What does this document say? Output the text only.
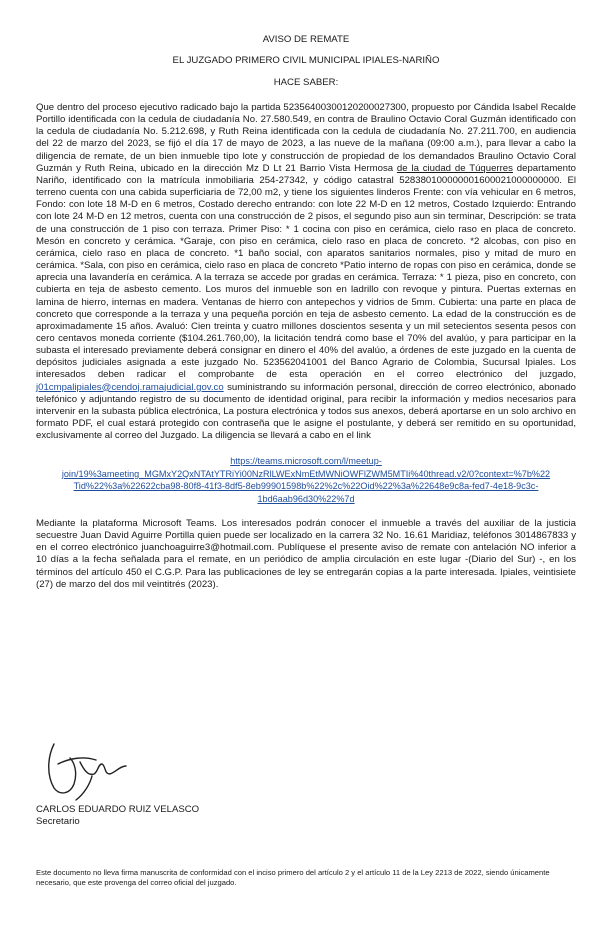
AVISO DE REMATE

EL JUZGADO PRIMERO CIVIL MUNICIPAL IPIALES-NARIÑO

HACE SABER:

Que dentro del proceso ejecutivo radicado bajo la partida 52356400300120200027300, propuesto por Cándida Isabel Recalde Portillo identificada con la cedula de ciudadanía No. 27.580.549, en contra de Braulino Octavio Coral Guzmán identificado con la cedula de ciudadanía No. 5.212.698, y Ruth Reina identificada con la cedula de ciudadanía No. 27.211.700, en audiencia del 22 de marzo del 2023, se fijó el día 17 de mayo de 2023, a las nueve de la mañana (09:00 a.m.), para llevar a cabo la diligencia de remate, de un bien inmueble tipo lote y construcción de propiedad de los demandados Braulino Octavio Coral Guzmán y Ruth Reina, ubicado en la dirección Mz D Lt 21 Barrio Vista Hermosa de la ciudad de Túquerres departamento Nariño, identificado con la matrícula inmobiliaria 254-27342, y código catastral 52838010000000160002100000000​0. El terreno cuenta con una cabida superficiaria de 72,00 m2, y tiene los siguientes linderos Frente: con vía vehicular en 6 metros, Fondo: con lote 18 M-D en 6 metros, Costado derecho entrando: con lote 22 M-D en 12 metros, Costado Izquierdo: Entrando con lote 24 M-D en 12 metros, cuenta con una construcción de 2 pisos, el segundo piso aun sin terminar, Descripción: se trata de una construcción de 1 piso con terraza. Primer Piso: * 1 cocina con piso en cerámica, cielo raso en placa de concreto. Mesón en concreto y cerámica. *Garaje, con piso en cerámica, cielo raso en placa de concreto. *2 alcobas, con piso en cerámica, cielo raso en placa de concreto. *1 baño social, con aparatos sanitarios normales, piso y mitad de muro en cerámica. *Sala, con piso en cerámica, cielo raso en placa de concreto *Patio interno de ropas con piso en cerámica, donde se aprecia una lavandería en cerámica. A la terraza se accede por gradas en cerámica. Terraza: * 1 pieza, piso en concreto, con cubierta en teja de asbesto cemento. Los muros del inmueble son en ladrillo con revoque y pintura. Puertas externas en lamina de hierro, internas en madera. Ventanas de hierro con antepechos y vidrios de 5mm. Cubierta: una parte en placa de concreto que corresponde a la terraza y una pequeña porción en teja de asbesto cemento. La edad de la construcción es de aproximadamente 15 años. Avaluó: Cien treinta y cuatro millones doscientos sesenta y un mil setecientos sesenta pesos con cero centavos moneda corriente ($104.261.760,00), la licitación tendrá como base el 70% del avalúo, y para participar en la subasta el interesado previamente deberá consignar en dinero el 40% del avalúo, a órdenes de este juzgado en la cuenta de depósitos judiciales asignada a este juzgado No. 523562041001 del Banco Agrario de Colombia, Sucursal Ipiales. Los interesados deben radicar el comprobante de esta operación en el correo electrónico del juzgado, j01cmpalipiales@cendoj.ramajudicial.gov.co suministrando su información personal, dirección de correo electrónico, abonado telefónico y adjuntando registro de su documento de identidad original, para recibir la información y medios necesarios para intervenir en la subasta pública electrónica, La postura electrónica y todos sus anexos, deberá aportarse en un solo archivo en formato PDF, el cual estará protegido con contraseña que le asigne el postulante, y deberá ser remitido en su oportunidad, exclusivamente al correo del Juzgado. La diligencia se llevará a cabo en el link

https://teams.microsoft.com/l/meetup-
join/19%3ameeting_MGMxY2QxNTAtYTRiYi00NzRlLWExNmEtMWNiOWFlZWM5MTIi%40thread.v2/0?context=%7b%22
Tid%22%3a%22622cba98-80f8-41f3-8df5-8eb99901598b%22%2c%22Oid%22%3a%22648e9c8a-fed7-4e18-9c3c-
1bd6aab96d30%22%7d

Mediante la plataforma Microsoft Teams. Los interesados podrán conocer el inmueble a través del auxiliar de la justicia secuestre Juan David Aguirre Portilla quien puede ser localizado en la carrera 32 No. 16.61 Maridiaz, teléfonos 3014867833 y en el correo electrónico juanchoaguirre3@hotmail.com. Publíquese el presente aviso de remate con antelación NO inferior a 10 días a la fecha señalada para el remate, en un periódico de amplia circulación en este lugar -(Diario del Sur) -, en los términos del artículo 450 el C.G.P. Para las publicaciones de ley se entregarán copias a la parte interesada. Ipiales, veintisiete (27) de marzo del dos mil veintitrés (2023).

CARLOS EDUARDO RUIZ VELASCO
Secretario
Este documento no lleva firma manuscrita de conformidad con el inciso primero del artículo 2 y el artículo 11 de la Ley 2213 de 2022, siendo únicamente necesario, que este provenga del correo oficial del juzgado.
